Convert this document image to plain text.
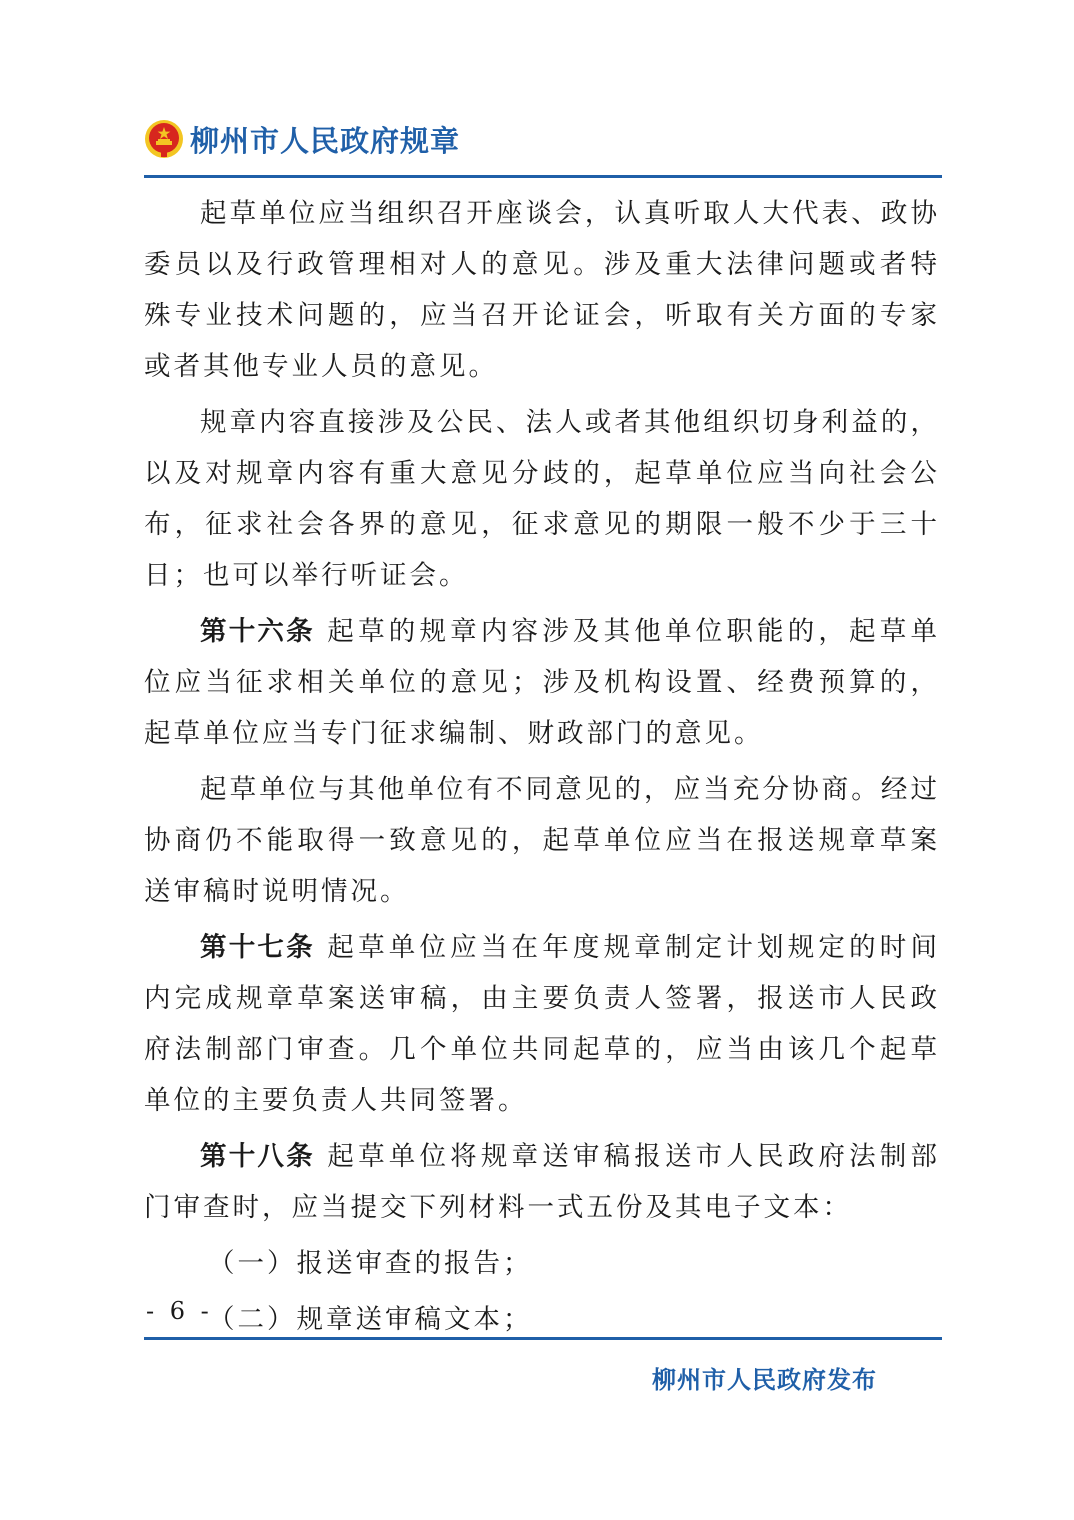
柳州市人民政府规章

起草单位应当组织召开座谈会，认真听取人大代表、政协委员以及行政管理相对人的意见。涉及重大法律问题或者特殊专业技术问题的，应当召开论证会，听取有关方面的专家或者其他专业人员的意见。

规章内容直接涉及公民、法人或者其他组织切身利益的，以及对规章内容有重大意见分歧的，起草单位应当向社会公布，征求社会各界的意见，征求意见的期限一般不少于三十日；也可以举行听证会。

第十六条 起草的规章内容涉及其他单位职能的，起草单位应当征求相关单位的意见；涉及机构设置、经费预算的，起草单位应当专门征求编制、财政部门的意见。

起草单位与其他单位有不同意见的，应当充分协商。经过协商仍不能取得一致意见的，起草单位应当在报送规章草案送审稿时说明情况。

第十七条 起草单位应当在年度规章制定计划规定的时间内完成规章草案送审稿，由主要负责人签署，报送市人民政府法制部门审查。几个单位共同起草的，应当由该几个起草单位的主要负责人共同签署。

第十八条 起草单位将规章送审稿报送市人民政府法制部门审查时，应当提交下列材料一式五份及其电子文本：

（一）报送审查的报告；

（二）规章送审稿文本；

- 6 -
柳州市人民政府发布
